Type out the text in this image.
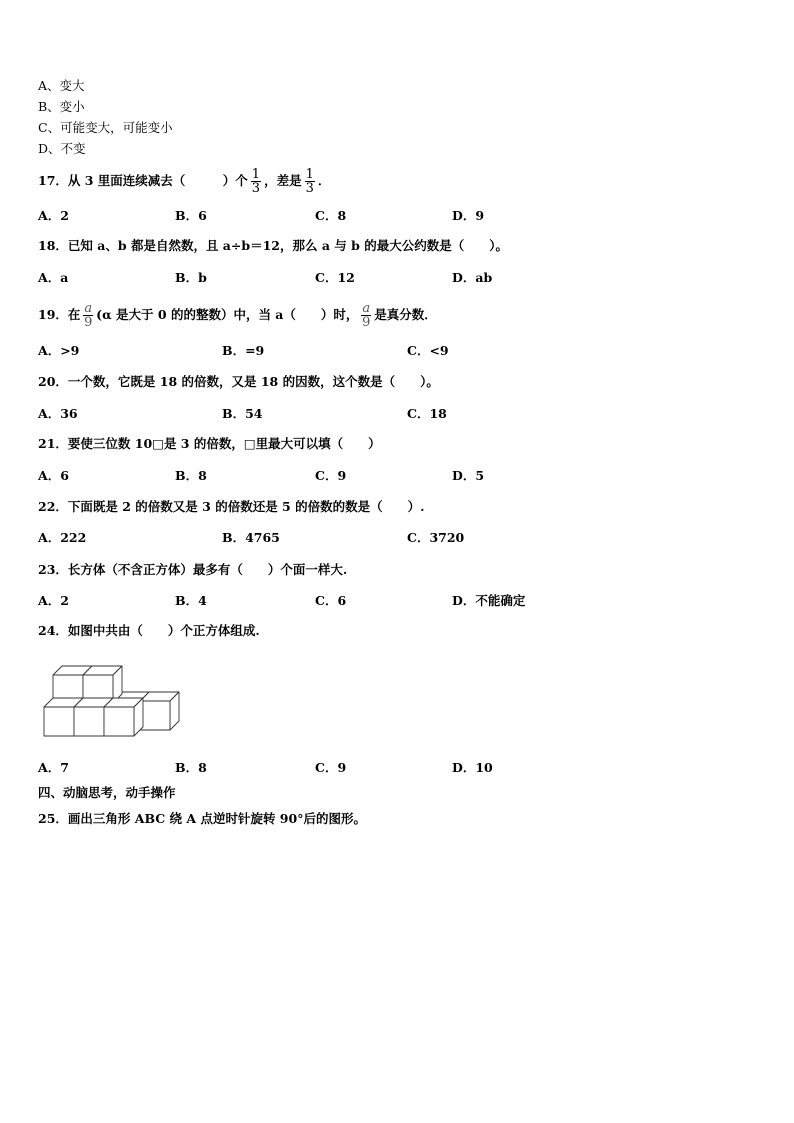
A、变大
B、变小
C、可能变大，可能变小
D、不变
17．从 3 里面连续减去（　　　）个 $\frac{1}{3}$ ，差是 $\frac{1}{3}$ ．
A．2	B．6	C．8	D．9
18．已知 a、b 都是自然数，且 a÷b＝12，那么 a 与 b 的最大公约数是（　　）。
A．a	B．b	C．12	D．ab
19．在 $\frac{a}{9} (\alpha$ 是大于 0 的的整数）中，当 a（　　）时， $\frac{a}{9}$ 是真分数．
A．>9	B．=9	C．<9
20．一个数，它既是 18 的倍数，又是 18 的因数，这个数是（　　）。
A．36	B．54	C．18
21．要使三位数 10□是 3 的倍数，□里最大可以填（　　）
A．6	B．8	C．9	D．5
22．下面既是 2 的倍数又是 3 的倍数还是 5 的倍数的数是（　　）.
A．222	B．4765	C．3720
23．长方体（不含正方体）最多有（　　）个面一样大.
A．2	B．4	C．6	D．不能确定
24．如图中共由（　　）个正方体组成.
A．7	B．8	C．9	D．10
四、动脑思考，动手操作
25．画出三角形 ABC 绕 A 点逆时针旋转 90°后的图形。
